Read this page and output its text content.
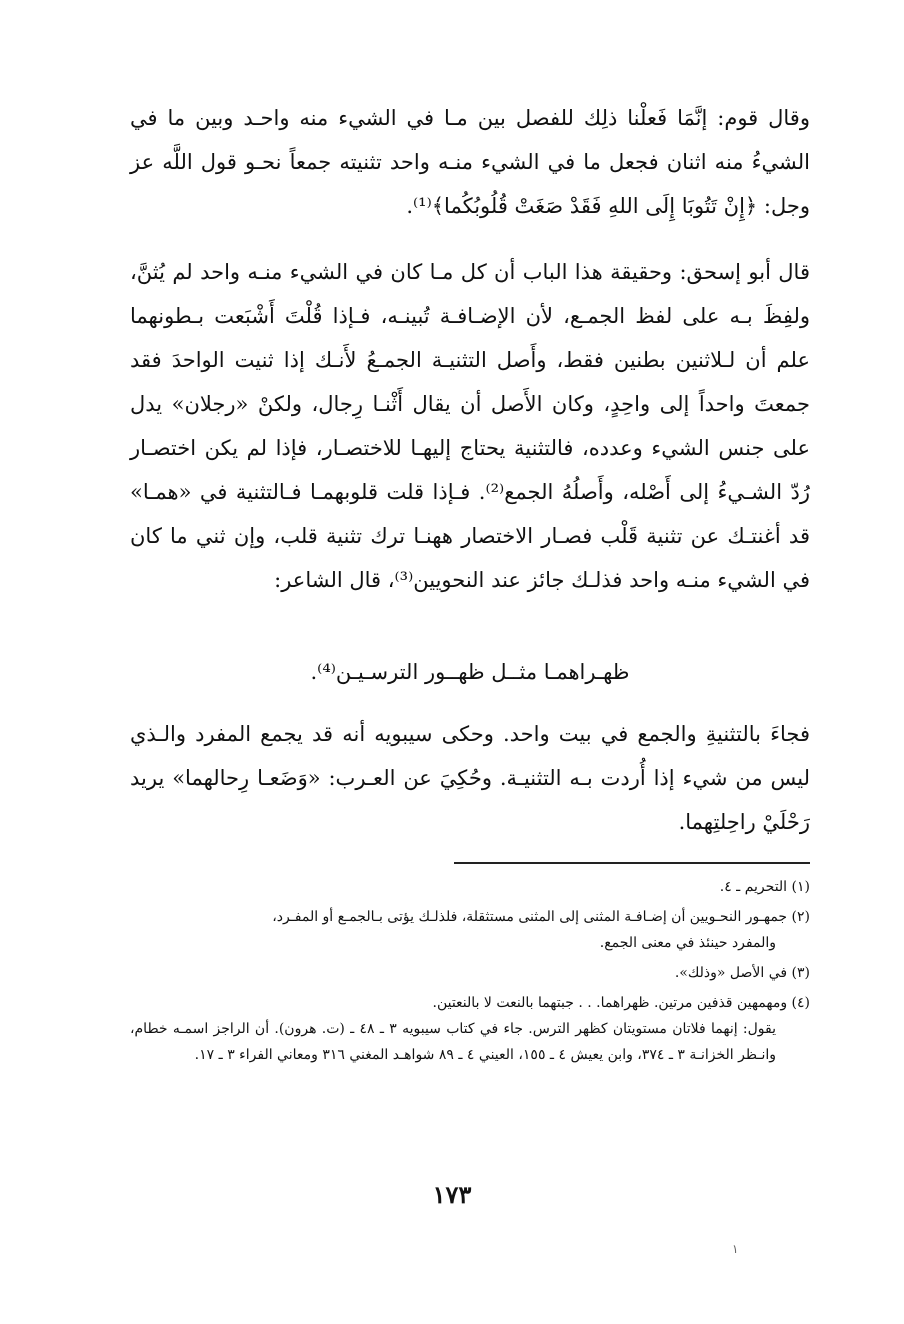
وقال قوم: إنَّمَا فَعلْنا ذلِك للفصل بين مـا في الشيء منه واحـد وبين ما في الشيءُ منه اثنان فجعل ما في الشيء منـه واحد تثنيته جمعاً نحـو قول اللَّه عز وجل: ﴿إِنْ تَتُوبَا إِلَى اللهِ فَقَدْ صَغَتْ قُلُوبُكُما﴾⁽¹⁾.

قال أبو إسحق: وحقيقة هذا الباب أن كل مـا كان في الشيء منـه واحد لم يُثنَّ، ولفِظَ بـه على لفظ الجمـع، لأن الإضـافـة تُبينـه، فـإذا قُلْتَ أَشْبَعت بـطونهما علم أن لـلاثنين بطنين فقط، وأَصل التثنيـة الجمـعُ لأَنـك إذا ثنيت الواحدَ فقد جمعتَ واحداً إلى واحِدٍ، وكان الأَصل أن يقال أَثْنـا رِجال، ولكنْ «رجلان» يدل على جنس الشيء وعدده، فالتثنية يحتاج إليهـا للاختصـار، فإذا لم يكن اختصـار رُدّ الشـيءُ إلى أَصْله، وأَصلُهُ الجمع⁽²⁾. فـإذا قلت قلوبهمـا فـالتثنية في «همـا» قد أغنتـك عن تثنية قَلْب فصـار الاختصار ههنـا ترك تثنية قلب، وإن ثني ما كان في الشيء منـه واحد فذلـك جائز عند النحويين⁽³⁾، قال الشاعر:

ظهـراهمـا مثــل ظهــور الترسـيـن⁽⁴⁾.

فجاءَ بالتثنيةِ والجمع في بيت واحد. وحكى سيبويه أنه قد يجمع المفرد والـذي ليس من شيء إذا أُردت بـه التثنيـة. وحُكِيَ عن العـرب: «وَضَعـا رِحالهما» يريد رَحْلَيْ راحِلتِهما.

(١) التحريم ـ ٤.

(٢) جمهـور النحـويين أن إضـافـة المثنى إلى المثنى مستثقلة، فلذلـك يؤتى بـالجمـع أو المفـرد،
والمفرد حينئذ في معنى الجمع.

(٣) في الأصل «وذلك».

(٤) ومهمهين قذفين مرتين. ظهراهما. . . جبتهما بالنعت لا بالنعتين.
يقول: إنهما فلاتان مستويتان كظهر الترس. جاء في كتاب سيبويه ٣ ـ ٤٨ ـ (ت. هرون). أن الراجز اسمـه خطام، وانـظر الخزانـة ٣ ـ ٣٧٤، وابن يعيش ٤ ـ ١٥٥، العيني ٤ ـ ٨٩ شواهـد المغني ٣١٦ ومعاني الفراء ٣ ـ ١٧.

١٧٣
١
